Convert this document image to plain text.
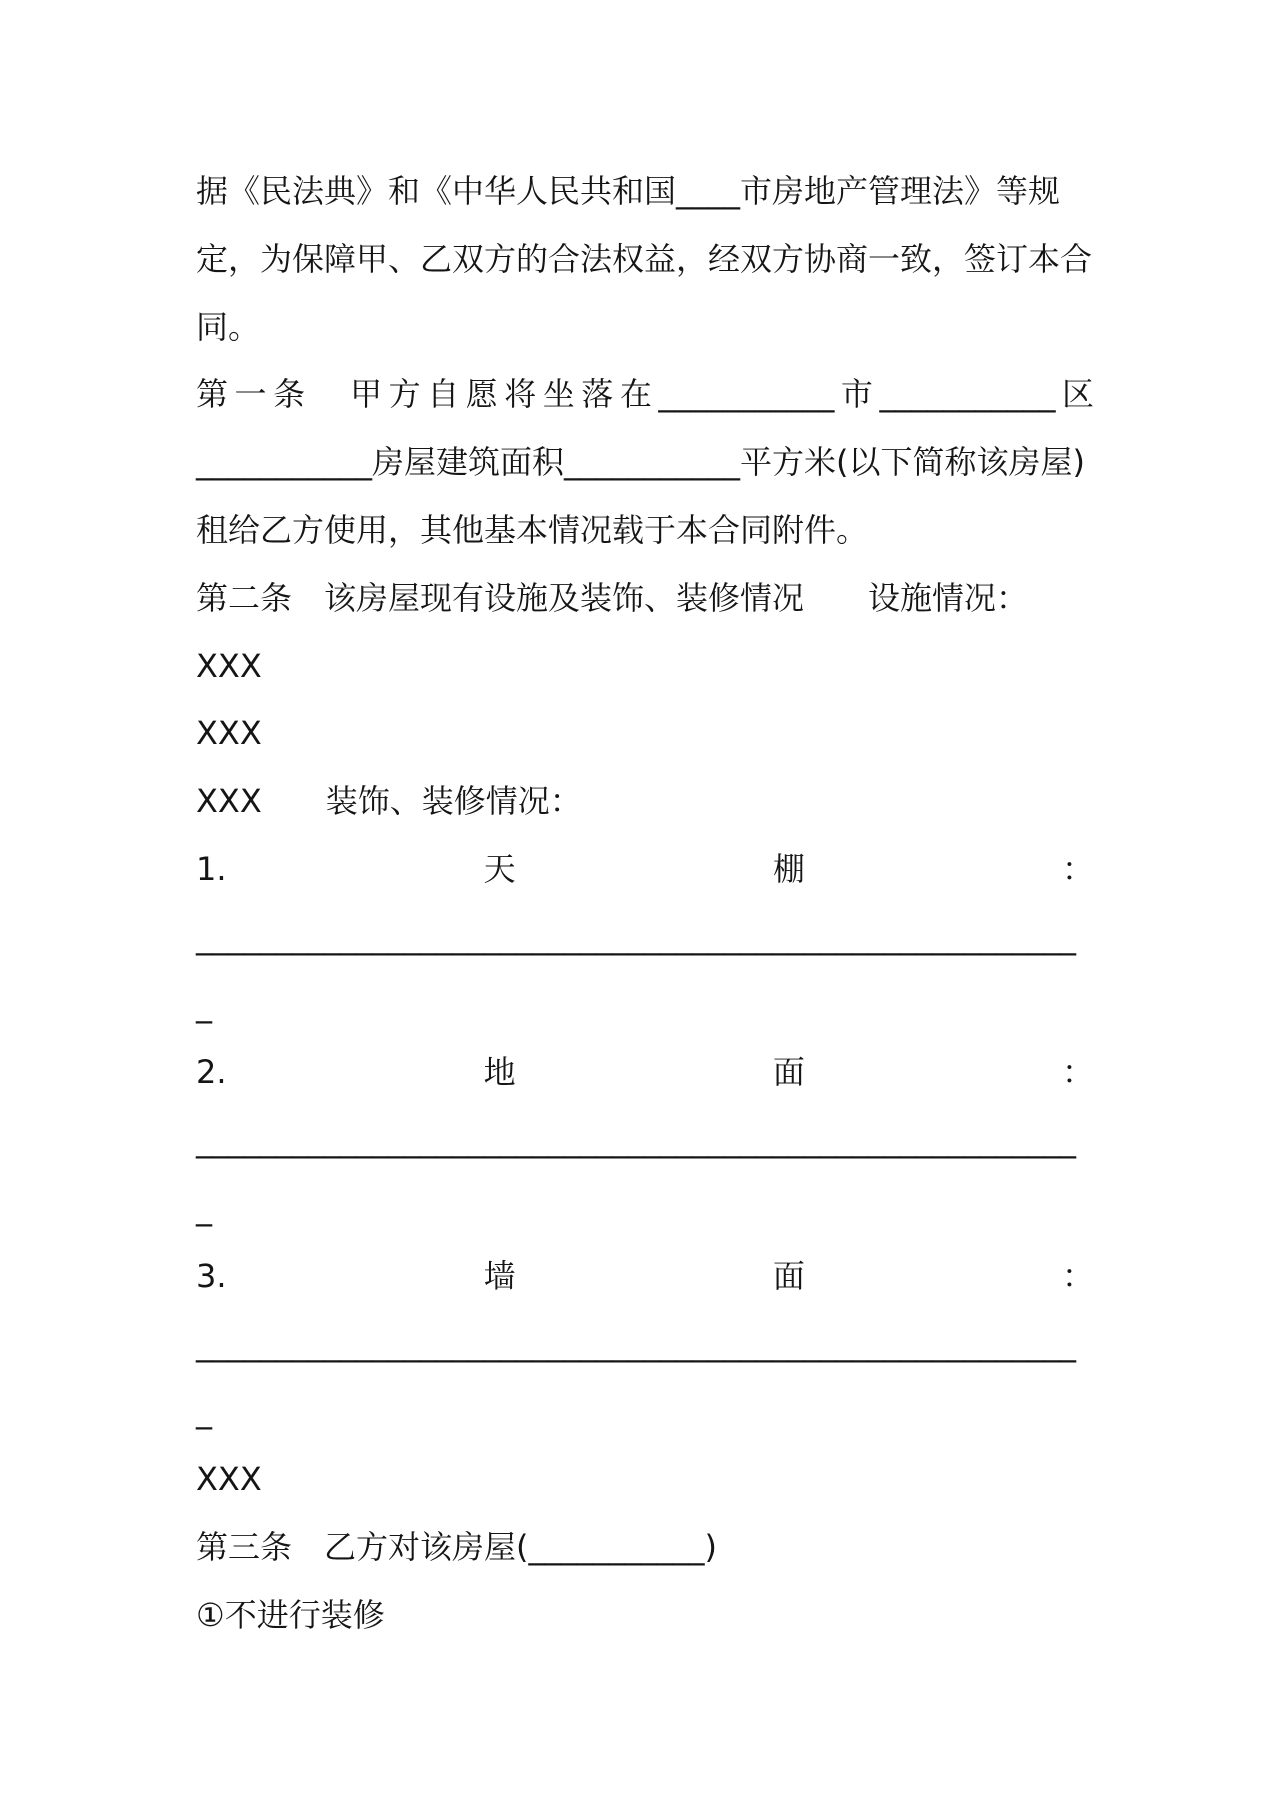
据《民法典》和《中华人民共和国____市房地产管理法》等规
定，为保障甲、乙双方的合法权益，经双方协商一致，签订本合
同。
第一条　甲方自愿将坐落在___________市___________区
___________房屋建筑面积___________平方米(以下简称该房屋)
租给乙方使用，其他基本情况载于本合同附件。
第二条 该房屋现有设施及装饰、装修情况 设施情况：
XXX
XXX
XXX 装饰、装修情况：
1.	天	棚	：
_______________________________________________________
_
2.	地	面	：
_______________________________________________________
_
3.	墙	面	：
_______________________________________________________
_
XXX
第三条　乙方对该房屋(___________)
①不进行装修
